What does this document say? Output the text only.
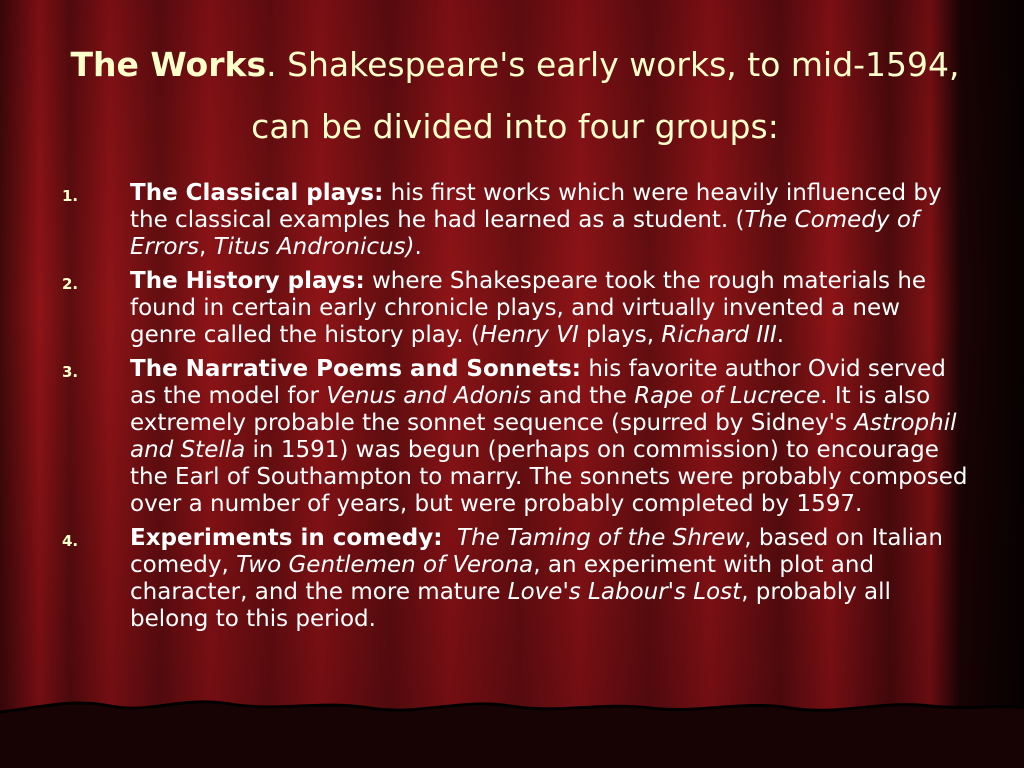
The Works. Shakespeare's early works, to mid-1594, can be divided into four groups:
1.	The Classical plays: his first works which were heavily influenced by the classical examples he had learned as a student. (The Comedy of Errors, Titus Andronicus).
2.	The History plays: where Shakespeare took the rough materials he found in certain early chronicle plays, and virtually invented a new genre called the history play. (Henry VI plays, Richard III.
3.	The Narrative Poems and Sonnets: his favorite author Ovid served as the model for Venus and Adonis and the Rape of Lucrece. It is also extremely probable the sonnet sequence (spurred by Sidney's Astrophil and Stella in 1591) was begun (perhaps on commission) to encourage the Earl of Southampton to marry. The sonnets were probably composed over a number of years, but were probably completed by 1597.
4.	Experiments in comedy: The Taming of the Shrew, based on Italian comedy, Two Gentlemen of Verona, an experiment with plot and character, and the more mature Love's Labour's Lost, probably all belong to this period.
